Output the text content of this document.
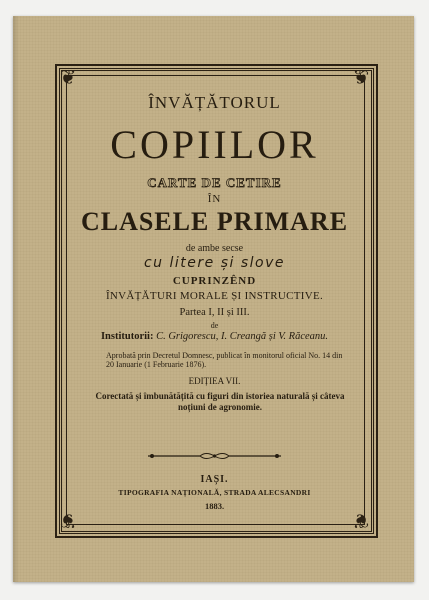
❦	❦
❦	❦
ÎNVĂȚĂTORUL
COPIILOR
CARTE DE CETIRE
ÎN
CLASELE PRIMARE
de ambe secse
cu litere și slove
CUPRINZÊND
ÎNVĂȚĂTURI MORALE ȘI INSTRUCTIVE.
Partea I, II și III.
de
Institutorii: C. Grigorescu, I. Creangă și V. Răceanu.
Aprobată prin Decretul Domnesc, publicat în monitorul oficial No. 14 din 20 Ianuarie (1 Februarie 1876).
EDIȚIEA VII.
Corectată și îmbunătățită cu figuri din istoriea naturală și câteva noțiuni de agronomie.
IAȘI.
TIPOGRAFIA NAȚIONALĂ, STRADA ALECSANDRI
1883.
